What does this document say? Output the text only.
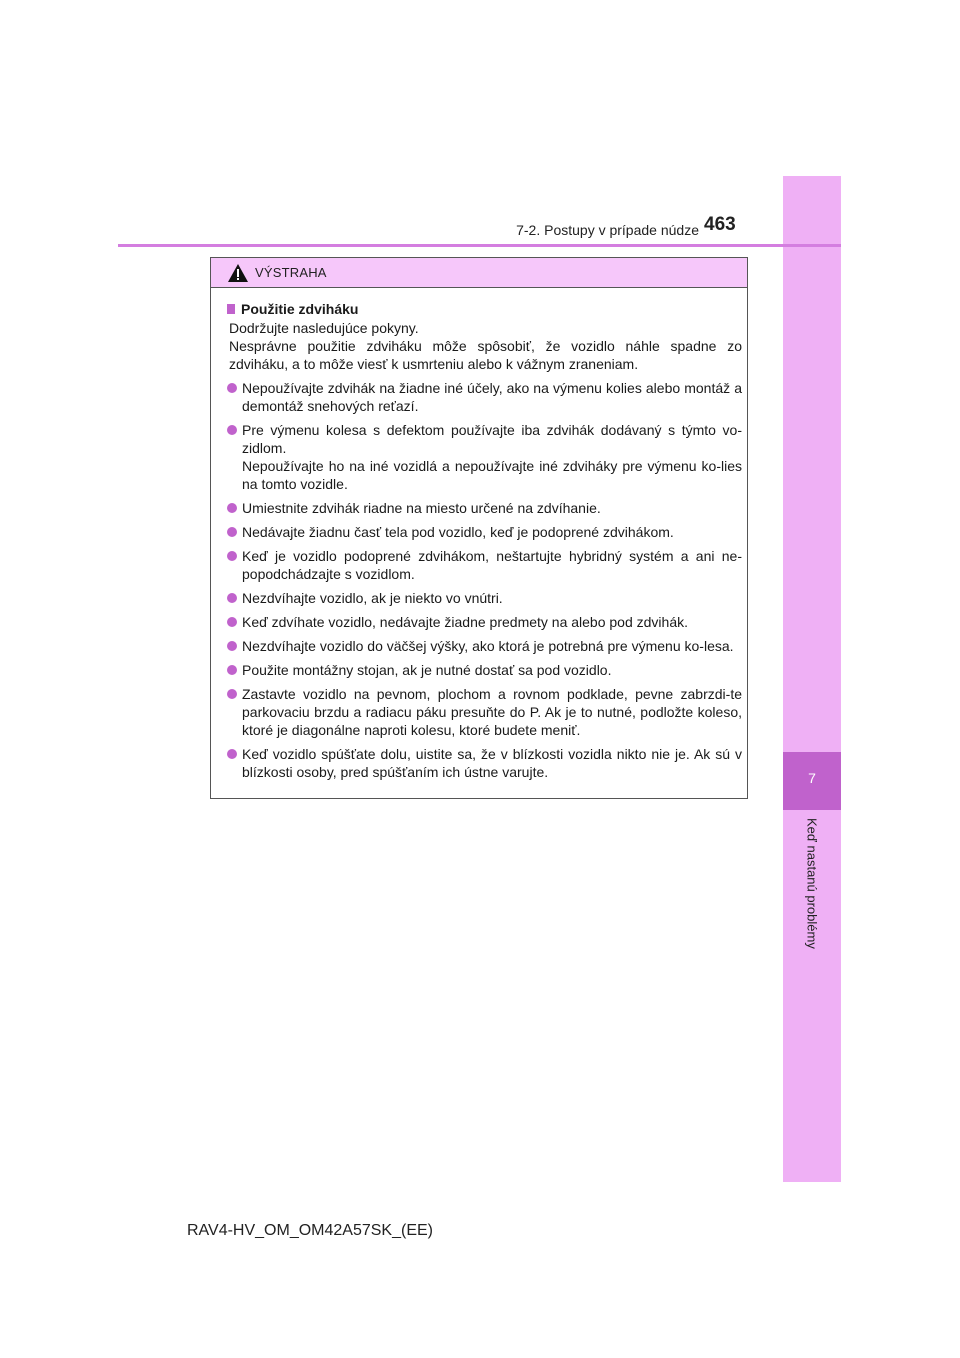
7
Keď nastanú problémy
7-2. Postupy v prípade núdze 463
VÝSTRAHA
Použitie zdviháku
Dodržujte nasledujúce pokyny.
Nesprávne použitie zdviháku môže spôsobiť, že vozidlo náhle spadne zo zdviháku, a to môže viesť k usmrteniu alebo k vážnym zraneniam.
Nepoužívajte zdvihák na žiadne iné účely, ako na výmenu kolies alebo montáž a demontáž snehových reťazí.
Pre výmenu kolesa s defektom používajte iba zdvihák dodávaný s týmto vo-zidlom.
Nepoužívajte ho na iné vozidlá a nepoužívajte iné zdviháky pre výmenu ko-lies na tomto vozidle.
Umiestnite zdvihák riadne na miesto určené na zdvíhanie.
Nedávajte žiadnu časť tela pod vozidlo, keď je podoprené zdvihákom.
Keď je vozidlo podoprené zdvihákom, neštartujte hybridný systém a ani ne-popodchádzajte s vozidlom.
Nezdvíhajte vozidlo, ak je niekto vo vnútri.
Keď zdvíhate vozidlo, nedávajte žiadne predmety na alebo pod zdvihák.
Nezdvíhajte vozidlo do väčšej výšky, ako ktorá je potrebná pre výmenu ko-lesa.
Použite montážny stojan, ak je nutné dostať sa pod vozidlo.
Zastavte vozidlo na pevnom, plochom a rovnom podklade, pevne zabrzdi-te parkovaciu brzdu a radiacu páku presuňte do P. Ak je to nutné, podložte koleso, ktoré je diagonálne naproti kolesu, ktoré budete meniť.
Keď vozidlo spúšťate dolu, uistite sa, že v blízkosti vozidla nikto nie je. Ak sú v blízkosti osoby, pred spúšťaním ich ústne varujte.
RAV4-HV_OM_OM42A57SK_(EE)
